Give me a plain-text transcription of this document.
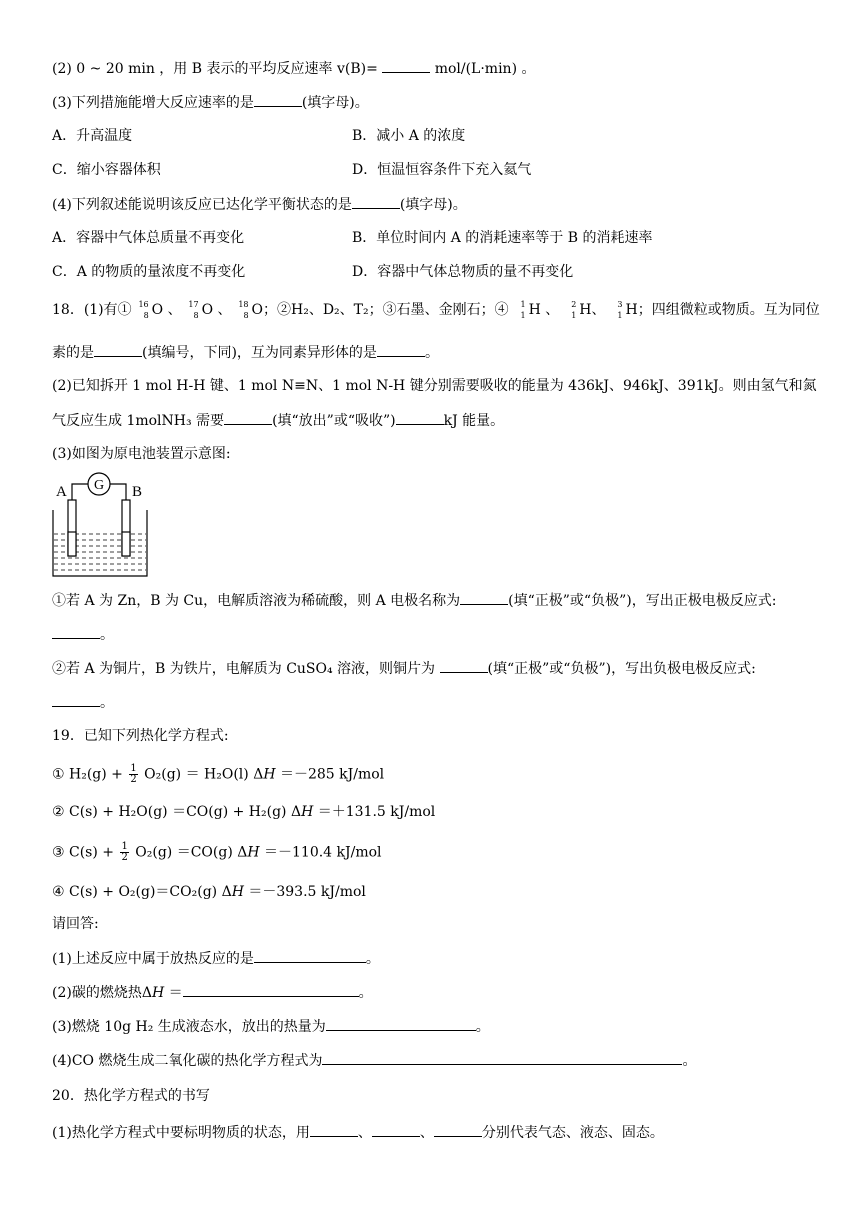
(2) 0 ~ 20 min ，用 B 表示的平均反应速率 v(B)=	mol/(L·min) 。
(3)下列措施能增大反应速率的是	(填字母)。
A．升高温度	B．减小 A 的浓度
C．缩小容器体积	D．恒温恒容条件下充入氦气
(4)下列叙述能说明该反应已达化学平衡状态的是	(填字母)。
A．容器中气体总质量不再变化	B．单位时间内 A 的消耗速率等于 B 的消耗速率
C．A 的物质的量浓度不再变化	D．容器中气体总物质的量不再变化
18．(1)有① 16
8 O 、 17
8 O 、 18
8 O；②H₂、D₂、T₂；③石墨、金刚石；④ 1
1 H 、 2
1 H、 3
1 H；四组微粒或物质。互为同位
素的是	(填编号，下同)，互为同素异形体的是	。
(2)已知拆开 1 mol H-H 键、1 mol N≡N、1 mol N-H 键分别需要吸收的能量为 436kJ、946kJ、391kJ。则由氢气和氮
气反应生成 1molNH₃ 需要	(填“放出”或“吸收”)	kJ 能量。
(3)如图为原电池装置示意图:
A	B
G
①若 A 为 Zn，B 为 Cu，电解质溶液为稀硫酸，则 A 电极名称为	(填“正极”或“负极”)，写出正极电极反应式:
。
②若 A 为铜片，B 为铁片，电解质为 CuSO₄ 溶液，则铜片为	(填“正极”或“负极”)，写出负极电极反应式:
。
19．已知下列热化学方程式:
① $H_2(g) + \frac{1}{2} O_2(g) = H_2O(l)$ ΔH ＝－285 kJ/mol
② C(s) + H₂O(g) ＝CO(g) + H₂(g) ΔH ＝＋131.5 kJ/mol
③ $C(s) + \frac{1}{2} O_2(g) =CO(g)$ ΔH ＝－110.4 kJ/mol
④ C(s) + O₂(g)＝CO₂(g) ΔH ＝－393.5 kJ/mol
请回答:
(1)上述反应中属于放热反应的是	。
(2)碳的燃烧热ΔH ＝	。
(3)燃烧 10g H₂ 生成液态水，放出的热量为	。
(4)CO 燃烧生成二氧化碳的热化学方程式为	。
20．热化学方程式的书写
(1)热化学方程式中要标明物质的状态，用	、	、	分别代表气态、液态、固态。
